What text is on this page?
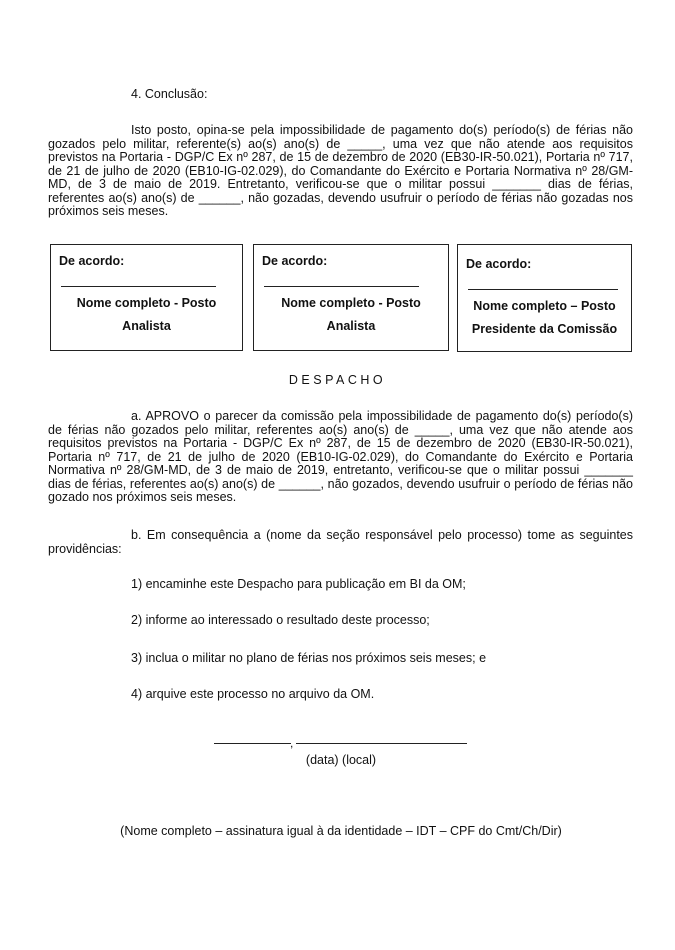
4. Conclusão:
Isto posto, opina-se pela impossibilidade de pagamento do(s) período(s) de férias não gozados pelo militar, referente(s) ao(s) ano(s) de _____, uma vez que não atende aos requisitos previstos na Portaria - DGP/C Ex nº 287, de 15 de dezembro de 2020 (EB30-IR-50.021), Portaria nº 717, de 21 de julho de 2020 (EB10-IG-02.029), do Comandante do Exército e Portaria Normativa nº 28/GM-MD, de 3 de maio de 2019. Entretanto, verificou-se que o militar possui _______ dias de férias, referentes ao(s) ano(s) de ______, não gozadas, devendo usufruir o período de férias não gozadas nos próximos seis meses.
De acordo:
Nome completo - Posto
Analista
De acordo:
Nome completo - Posto
Analista
De acordo:
Nome completo – Posto
Presidente da Comissão
DESPACHO
a. APROVO o parecer da comissão pela impossibilidade de pagamento do(s) período(s) de férias não gozados pelo militar, referentes ao(s) ano(s) de _____, uma vez que não atende aos requisitos previstos na Portaria - DGP/C Ex nº 287, de 15 de dezembro de 2020 (EB30-IR-50.021), Portaria nº 717, de 21 de julho de 2020 (EB10-IG-02.029), do Comandante do Exército e Portaria Normativa nº 28/GM-MD, de 3 de maio de 2019, entretanto, verificou-se que o militar possui _______ dias de férias, referentes ao(s) ano(s) de ______, não gozados, devendo usufruir o período de férias não gozado nos próximos seis meses.
b. Em consequência a (nome da seção responsável pelo processo) tome as seguintes providências:
1) encaminhe este Despacho para publicação em BI da OM;
2) informe ao interessado o resultado deste processo;
3) inclua o militar no plano de férias nos próximos seis meses; e
4) arquive este processo no arquivo da OM.
,
(data) (local)
(Nome completo – assinatura igual à da identidade – IDT – CPF do Cmt/Ch/Dir)
